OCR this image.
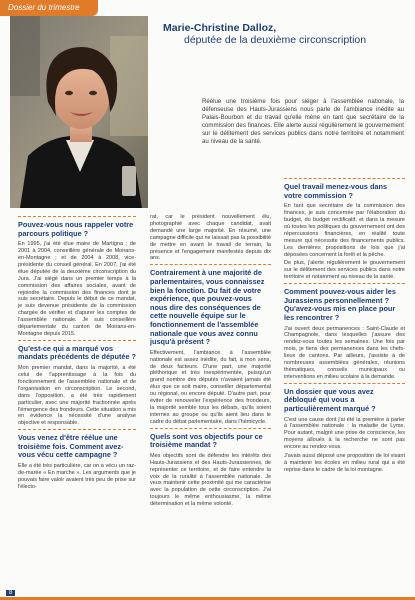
Dossier du trimestre
Marie-Christine Dalloz,
députée de la deuxième circonscription
Réélue une troisième fois pour siéger à l'assemblée nationale, la défenseuse des Hauts-Jurassiens nous parle de l'ambiance inédite au Palais-Bourbon et du travail qu'elle mène en tant que secrétaire de la commission des finances. Elle alerte aussi régulièrement le gouvernement sur le délitement des services publics dans notre territoire et notamment au niveau de la santé.
Pouvez-vous nous rappeler votre parcours politique ?

En 1995, j'ai été élue maire de Martigna ; de 2001 à 2004, conseillère générale de Moirans-en-Montagne ; et de 2004 à 2008, vice-présidente du conseil général. En 2007, j'ai été élue députée de la deuxième circonscription du Jura. J'ai siégé dans un premier temps à la commission des affaires sociales, avant de rejoindre la commission des finances dont je suis secrétaire. Depuis le début de ce mandat, je suis devenue présidente de la commission chargée de vérifier et d'apurer les comptes de l'assemblée nationale. Je suis conseillère départementale du canton de Moirans-en-Montagne depuis 2015.

Qu'est-ce qui a marqué vos mandats précédents de députée ?

Mon premier mandat, dans la majorité, a été celui de l'apprentissage à la fois du fonctionnement de l'assemblée nationale et de l'organisation en circonscription. Le second, dans l'opposition, a été très rapidement particulier, avec une majorité fractionnée après l'émergence des frondeurs. Cette situation a mis en évidence la nécessité d'une analyse objective et responsable.

Vous venez d'être réélue une troisième fois. Comment avez-vous vécu cette campagne ?

Elle a été très particulière, car on a vécu un raz-de-marée « En marche ». Les arguments que je pouvais faire valoir avaient très peu de prise sur l'électo-

rat, car le président nouvellement élu, photographié avec chaque candidat, avait demandé une large majorité. En résumé, une campagne difficile qui ne laissait pas la possibilité de mettre en avant le travail de terrain, la présence et l'engagement manifestés depuis dix ans.

Contrairement à une majorité de parlementaires, vous connaissez bien la fonction. Du fait de votre expérience, que pouvez-vous nous dire des conséquences de cette nouvelle équipe sur le fonctionnement de l'assemblée nationale que vous avez connu jusqu'à présent ?

Effectivement, l'ambiance à l'assemblée nationale est assez inédite, du fait, à mon sens, de deux facteurs. D'une part, une majorité pléthorique et très inexpérimentée, puisqu'un grand nombre des députés n'avaient jamais été élus que ce soit maire, conseiller départemental ou régional, ou encore député. D'autre part, pour éviter de renouveler l'expérience des frondeurs, la majorité semble tous les débats, qu'ils soient internes au groupe ou qu'ils aient lieu dans le cadre du débat parlementaire, dans l'hémicycle.

Quels sont vos objectifs pour ce troisième mandat ?

Mes objectifs sont de défendre les intérêts des Hauts-Jurassiens et des Hauts-Jurassiennes, de représenter ce territoire, et de faire entendre la voix de la ruralité à l'assemblée nationale. Je veux maintenir cette proximité qui me caractérise avec la population de cette circonscription. J'ai toujours le même enthousiasme, la même détermination et la même volonté.

Quel travail menez-vous dans votre commission ?

En tant que secrétaire de la commission des finances, je suis concernée par l'élaboration du budget, du budget rectificatif, et dans la mesure où toutes les politiques du gouvernement ont des répercussions financières, en réalité toute mesure qui nécessite des financements publics. Les dernières propositions de lois que j'ai déposées concernent la forêt et la pêche.

De plus, j'alerte régulièrement le gouvernement sur le délitement des services publics dans notre territoire et notamment au niveau de la santé.

Comment pouvez-vous aider les Jurassiens personnellement ? Qu'avez-vous mis en place pour les rencontrer ?

J'ai ouvert deux permanences : Saint-Claude et Champagnole, dans lesquelles j'assure des rendez-vous toutes les semaines. Une fois par mois, je tiens des permanences dans les chefs-lieux de cantons. Par ailleurs, j'assiste à de nombreuses assemblées générales, réunions thématiques, conseils municipaux ou interventions en milieu scolaire à la demande.

Un dossier que vous avez débloqué qui vous a particulièrement marqué ?

C'est une cause dont j'ai été la première à parler à l'assemblée nationale : la maladie de Lyme. Pour autant, malgré une prise de conscience, les moyens alloués à la recherche ne sont pas encore au rendez-vous.

J'avais aussi déposé une proposition de loi visant à maintenir les écoles en milieu rural qui a été reprise dans le cadre de la loi montagne.

8
